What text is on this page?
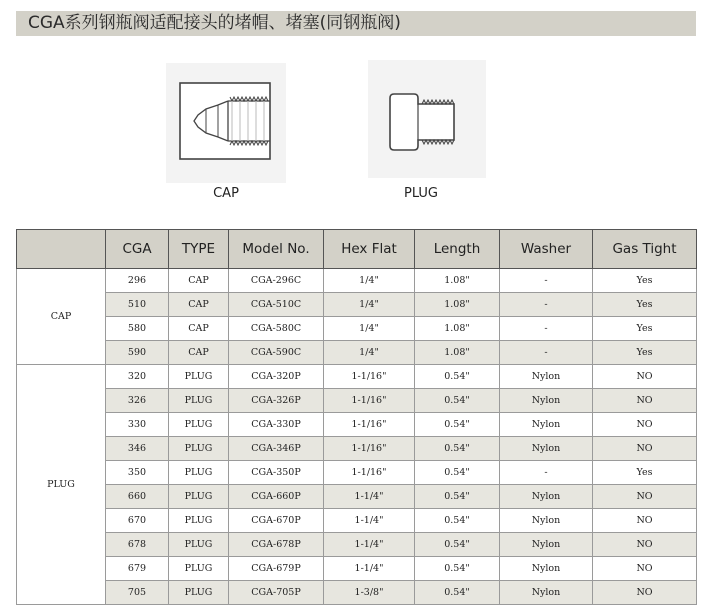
CGA系列钢瓶阀适配接头的堵帽、堵塞(同钢瓶阀)
CAP	PLUG
	CGA	TYPE	Model No.	Hex Flat	Length	Washer	Gas Tight
CAP	296	CAP	CGA-296C	1/4"	1.08"	-	Yes
	510	CAP	CGA-510C	1/4"	1.08"	-	Yes
	580	CAP	CGA-580C	1/4"	1.08"	-	Yes
	590	CAP	CGA-590C	1/4"	1.08"	-	Yes
PLUG	320	PLUG	CGA-320P	1-1/16"	0.54"	Nylon	NO
	326	PLUG	CGA-326P	1-1/16"	0.54"	Nylon	NO
	330	PLUG	CGA-330P	1-1/16"	0.54"	Nylon	NO
	346	PLUG	CGA-346P	1-1/16"	0.54"	Nylon	NO
	350	PLUG	CGA-350P	1-1/16"	0.54"	-	Yes
	660	PLUG	CGA-660P	1-1/4"	0.54"	Nylon	NO
	670	PLUG	CGA-670P	1-1/4"	0.54"	Nylon	NO
	678	PLUG	CGA-678P	1-1/4"	0.54"	Nylon	NO
	679	PLUG	CGA-679P	1-1/4"	0.54"	Nylon	NO
	705	PLUG	CGA-705P	1-3/8"	0.54"	Nylon	NO
